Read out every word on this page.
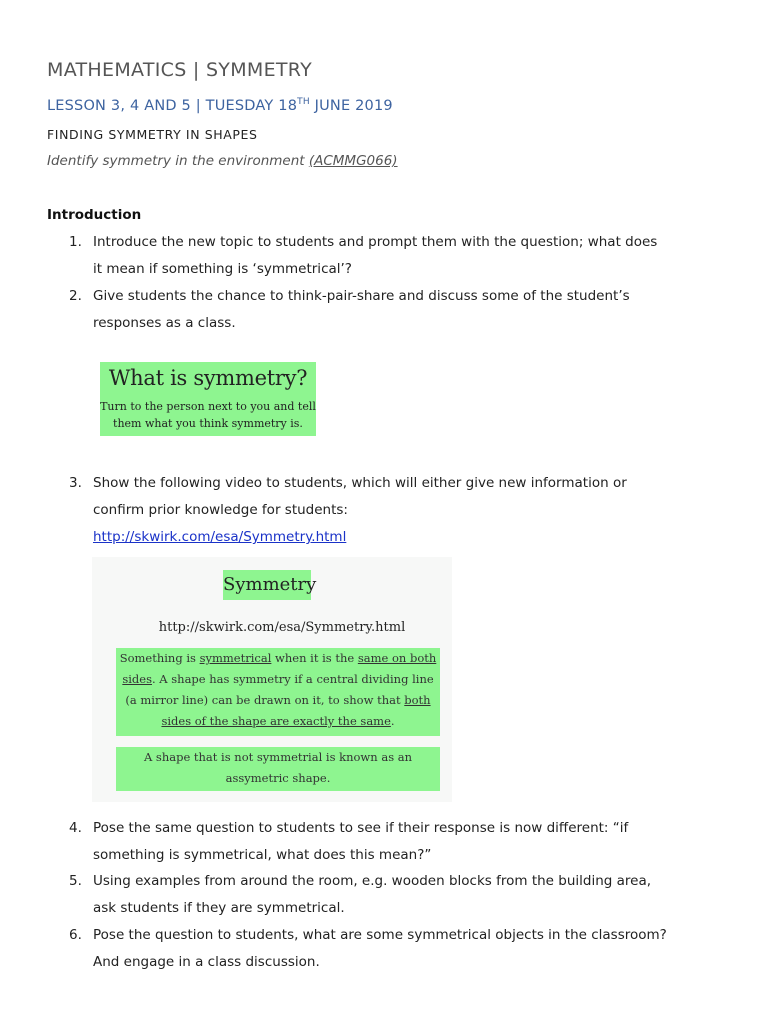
MATHEMATICS | SYMMETRY
LESSON 3, 4 AND 5 | TUESDAY 18TH JUNE 2019
FINDING SYMMETRY IN SHAPES
Identify symmetry in the environment (ACMMG066)
Introduction
1. Introduce the new topic to students and prompt them with the question; what does
it mean if something is ‘symmetrical’?
2. Give students the chance to think-pair-share and discuss some of the student’s
responses as a class.
What is symmetry?
Turn to the person next to you and tell
them what you think symmetry is.
3. Show the following video to students, which will either give new information or
confirm prior knowledge for students:
http://skwirk.com/esa/Symmetry.html
Symmetry
http://skwirk.com/esa/Symmetry.html
Something is symmetrical when it is the same on both sides. A shape has symmetry if a central dividing line (a mirror line) can be drawn on it, to show that both sides of the shape are exactly the same.
A shape that is not symmetrial is known as an assymetric shape.
4. Pose the same question to students to see if their response is now different: “if
something is symmetrical, what does this mean?”
5. Using examples from around the room, e.g. wooden blocks from the building area,
ask students if they are symmetrical.
6. Pose the question to students, what are some symmetrical objects in the classroom?
And engage in a class discussion.
